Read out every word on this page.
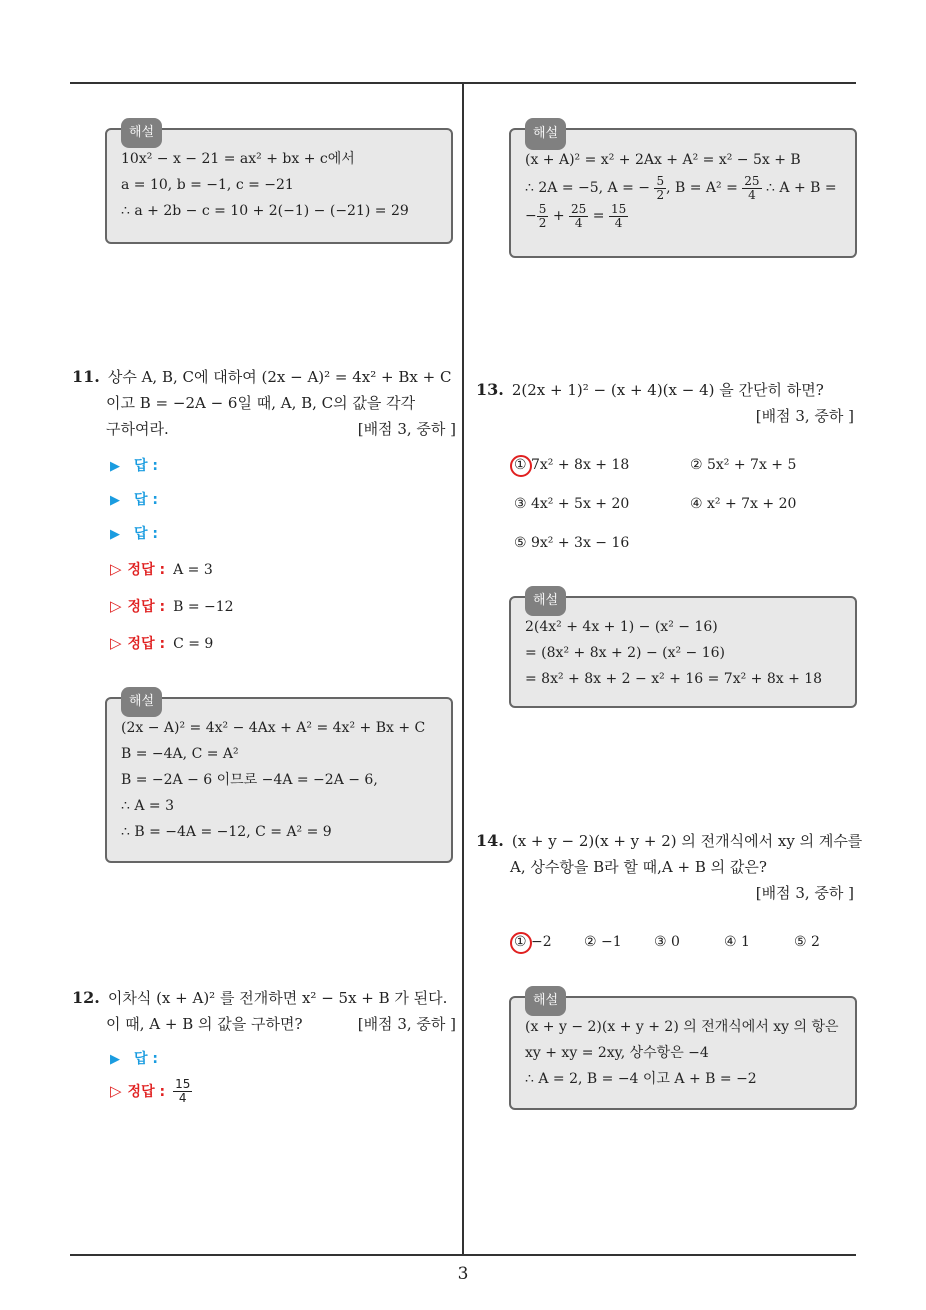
해설
10x² − x − 21 = ax² + bx + c에서
a = 10, b = −1, c = −21
∴ a + 2b − c = 10 + 2(−1) − (−21) = 29
해설
(x + A)² = x² + 2Ax + A² = x² − 5x + B
∴ 2A = −5, A = − $\frac{5}{2}$ , $B = A^2 = \frac{25}{4}$ ∴ A + B =
− $\frac{5}{2} + \frac{25}{4} = \frac{15}{4}$
11. 상수 A, B, C에 대하여 (2x − A)² = 4x² + Bx + C
이고 B = −2A − 6일 때, A, B, C의 값을 각각
구하여라.	[배점 3, 중하 ]
▶ 답 :
▶ 답 :
▶ 답 :
▷ 정답 : A = 3
▷ 정답 : B = −12
▷ 정답 : C = 9
해설
(2x − A)² = 4x² − 4Ax + A² = 4x² + Bx + C
B = −4A, C = A²
B = −2A − 6 이므로 −4A = −2A − 6,
∴ A = 3
∴ B = −4A = −12, C = A² = 9
12. 이차식 (x + A)² 를 전개하면 x² − 5x + B 가 된다.
이 때, A + B 의 값을 구하면?	[배점 3, 중하 ]
▶ 답 :
▷ 정답 : $\frac{15}{4}$
13. 2(2x + 1)² − (x + 4)(x − 4) 을 간단히 하면?
[배점 3, 중하 ]
① 7x² + 8x + 18	② 5x² + 7x + 5
③ 4x² + 5x + 20	④ x² + 7x + 20
⑤ 9x² + 3x − 16
해설
2(4x² + 4x + 1) − (x² − 16)
= (8x² + 8x + 2) − (x² − 16)
= 8x² + 8x + 2 − x² + 16 = 7x² + 8x + 18
14. (x + y − 2)(x + y + 2) 의 전개식에서 xy 의 계수를
A, 상수항을 B라 할 때,A + B 의 값은?
[배점 3, 중하 ]
① −2 ② −1 ③ 0	④ 1	⑤ 2
해설
(x + y − 2)(x + y + 2) 의 전개식에서 xy 의 항은
xy + xy = 2xy, 상수항은 −4
∴ A = 2, B = −4 이고 A + B = −2
3
